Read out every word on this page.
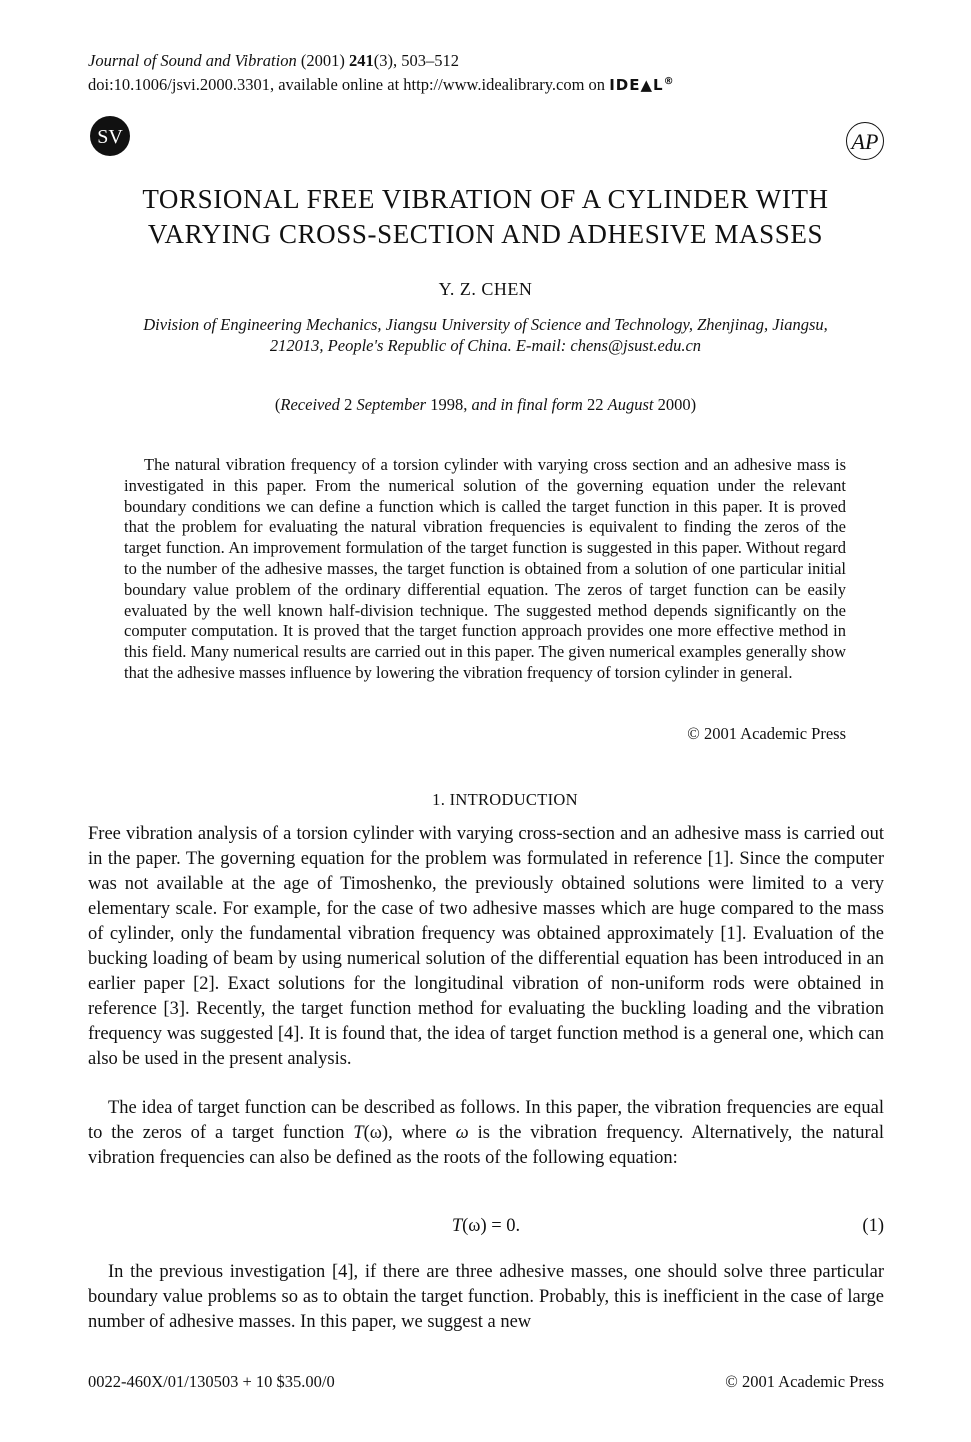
Journal of Sound and Vibration (2001) 241(3), 503–512
doi:10.1006/jsvi.2000.3301, available online at http://www.idealibrary.com on IDE▲L®
SV	AP
TORSIONAL FREE VIBRATION OF A CYLINDER WITH
VARYING CROSS-SECTION AND ADHESIVE MASSES
Y. Z. CHEN
Division of Engineering Mechanics, Jiangsu University of Science and Technology, Zhenjinag, Jiangsu,
212013, People's Republic of China. E-mail: chens@jsust.edu.cn
(Received 2 September 1998, and in final form 22 August 2000)
The natural vibration frequency of a torsion cylinder with varying cross section and an adhesive mass is investigated in this paper. From the numerical solution of the governing equation under the relevant boundary conditions we can define a function which is called the target function in this paper. It is proved that the problem for evaluating the natural vibration frequencies is equivalent to finding the zeros of the target function. An improvement formulation of the target function is suggested in this paper. Without regard to the number of the adhesive masses, the target function is obtained from a solution of one particular initial boundary value problem of the ordinary differential equation. The zeros of target function can be easily evaluated by the well known half-division technique. The suggested method depends significantly on the computer computation. It is proved that the target function approach provides one more effective method in this field. Many numerical results are carried out in this paper. The given numerical examples generally show that the adhesive masses influence by lowering the vibration frequency of torsion cylinder in general.
© 2001 Academic Press
1. INTRODUCTION
Free vibration analysis of a torsion cylinder with varying cross-section and an adhesive mass is carried out in the paper. The governing equation for the problem was formulated in reference [1]. Since the computer was not available at the age of Timoshenko, the previously obtained solutions were limited to a very elementary scale. For example, for the case of two adhesive masses which are huge compared to the mass of cylinder, only the fundamental vibration frequency was obtained approximately [1]. Evaluation of the bucking loading of beam by using numerical solution of the differential equation has been introduced in an earlier paper [2]. Exact solutions for the longitudinal vibration of non-uniform rods were obtained in reference [3]. Recently, the target function method for evaluating the buckling loading and the vibration frequency was suggested [4]. It is found that, the idea of target function method is a general one, which can also be used in the present analysis.
The idea of target function can be described as follows. In this paper, the vibration frequencies are equal to the zeros of a target function T(ω), where ω is the vibration frequency. Alternatively, the natural vibration frequencies can also be defined as the roots of the following equation:
T(ω) = 0.	(1)
In the previous investigation [4], if there are three adhesive masses, one should solve three particular boundary value problems so as to obtain the target function. Probably, this is inefficient in the case of large number of adhesive masses. In this paper, we suggest a new
0022-460X/01/130503 + 10 $35.00/0	© 2001 Academic Press
